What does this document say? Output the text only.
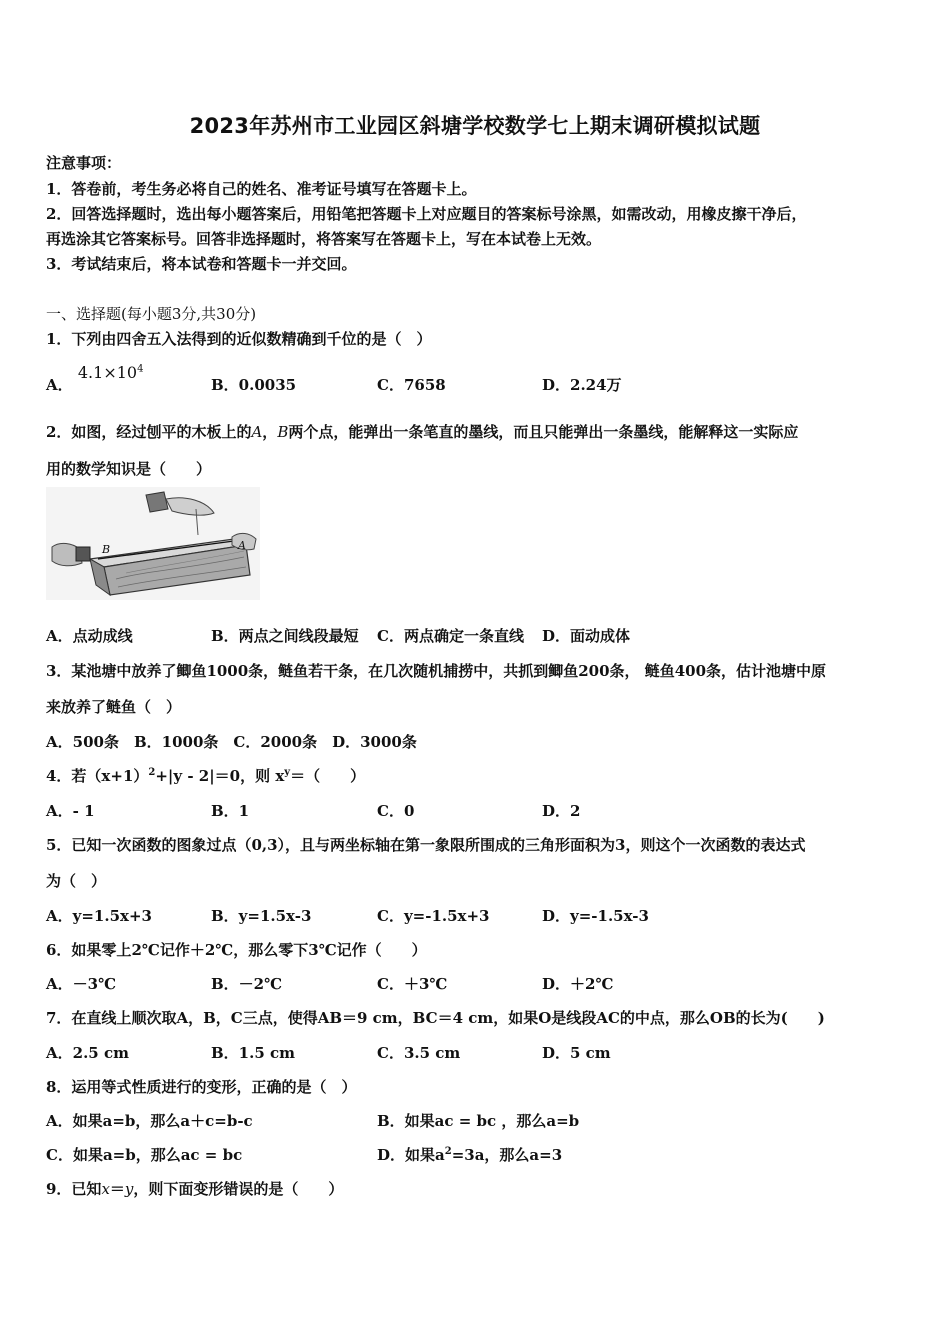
2023年苏州市工业园区斜塘学校数学七上期末调研模拟试题
注意事项：
1．答卷前，考生务必将自己的姓名、准考证号填写在答题卡上。
2．回答选择题时，选出每小题答案后，用铅笔把答题卡上对应题目的答案标号涂黑，如需改动，用橡皮擦干净后，
再选涂其它答案标号。回答非选择题时，将答案写在答题卡上，写在本试卷上无效。
3．考试结束后，将本试卷和答题卡一并交回。
一、选择题(每小题3分,共30分)
1．下列由四舍五入法得到的近似数精确到千位的是（　）
A． $4.1\times 10^4$
B．0.0035	C．7658	D．2.24万
2．如图，经过刨平的木板上的A，B两个点，能弹出一条笔直的墨线，而且只能弹出一条墨线，能解释这一实际应
用的数学知识是（　　）
B	A
A．点动成线	B．两点之间线段最短 C．两点确定一条直线 D．面动成体
3．某池塘中放养了鲫鱼1000条，鲢鱼若干条，在几次随机捕捞中，共抓到鲫鱼200条， 鲢鱼400条，估计池塘中原
来放养了鲢鱼（　）
A．500条　B．1000条　C．2000条　D．3000条
4．若$(x+1)^2+|y - 2|=0$，则 $x^y=$（　　）
A．- 1	B．1	C．0	D．2
5．已知一次函数的图象过点（0,3），且与两坐标轴在第一象限所围成的三角形面积为3，则这个一次函数的表达式
为（　）
A．y=1.5x+3	B．y=1.5x-3	C．y=-1.5x+3	D．y=-1.5x-3
6．如果零上2℃记作＋2℃，那么零下3℃记作（　　）
A．－3℃	B．－2℃	C．＋3℃	D．＋2℃
7．在直线上顺次取A，B，C三点，使得AB＝9 cm，BC＝4 cm，如果O是线段AC的中点，那么OB的长为(　　)
A．2.5 cm	B．1.5 cm	C．3.5 cm	D．5 cm
8．运用等式性质进行的变形，正确的是（　）
A．如果a=b，那么a＋c=b-c	B．如果ac = bc ，那么a=b
C．如果a=b，那么ac = bc	D．如果$a^2=3a$，那么a=3
9．已知x＝y，则下面变形错误的是（　　）
